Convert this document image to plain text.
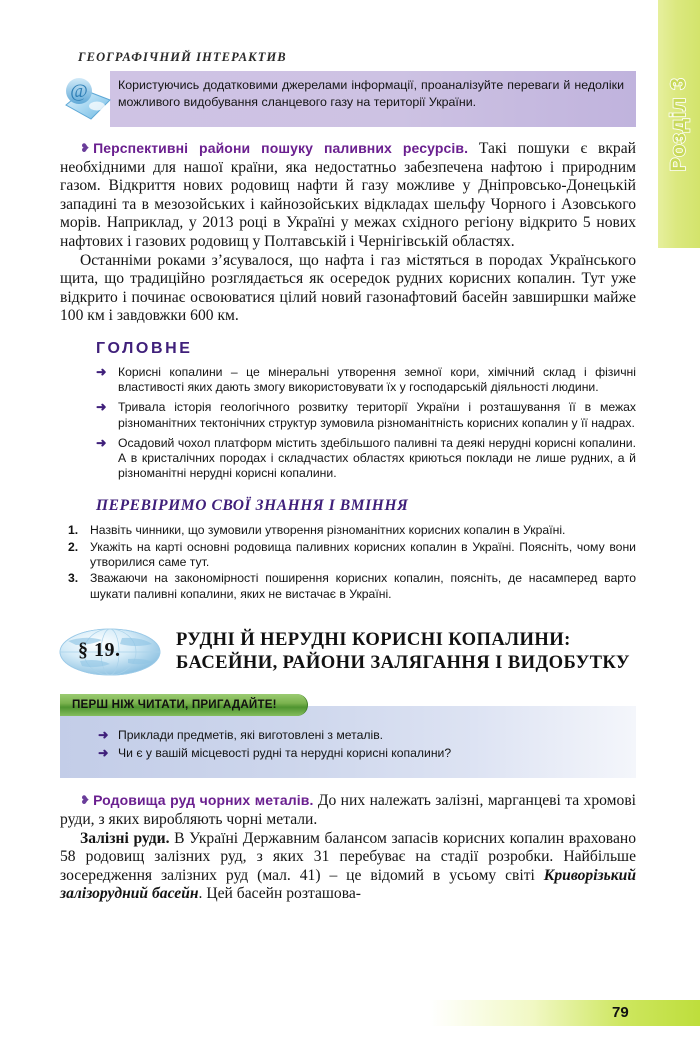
Розділ 3
ГЕОГРАФІЧНИЙ ІНТЕРАКТИВ
@	Користуючись додатковими джерелами інформації, проаналізуйте переваги й недоліки можливого видобування сланцевого газу на території України.

❥ Перспективні райони пошуку паливних ресурсів. Такі пошуки є вкрай необхідними для нашої країни, яка недостатньо забезпечена нафтою і природним газом. Відкриття нових родовищ нафти й газу можливе у Дніпровсько-Донецькій западині та в мезозойських і кайнозойських відкладах шельфу Чорного і Азовського морів. Наприклад, у 2013 році в Україні у межах східного регіону відкрито 5 нових нафтових і газових родовищ у Полтавській і Чернігівській областях.

Останніми роками з’ясувалося, що нафта і газ містяться в породах Українського щита, що традиційно розглядається як осередок рудних корисних копалин. Тут уже відкрито і починає освоюватися цілий новий газонафтовий басейн завширшки майже 100 км і завдовжки 600 км.

ГОЛОВНЕ
➜ Корисні копалини – це мінеральні утворення земної кори, хімічний склад і фізичні властивості яких дають змогу використовувати їх у господарській діяльності людини.
➜ Тривала історія геологічного розвитку території України і розташування її в межах різноманітних тектонічних структур зумовила різноманітність корисних копалин у її надрах.
➜ Осадовий чохол платформ містить здебільшого паливні та деякі нерудні корисні копалини. А в кристалічних породах і складчастих областях криються поклади не лише рудних, а й різноманітні нерудні корисні копалини.
ПЕРЕВІРИМО СВОЇ ЗНАННЯ І ВМІННЯ
1. Назвіть чинники, що зумовили утворення різноманітних корисних копалин в Україні.
2. Укажіть на карті основні родовища паливних корисних копалин в Україні. Поясніть, чому вони утворилися саме тут.
3. Зважаючи на закономірності поширення корисних копалин, поясніть, де насамперед варто шукати паливні копалини, яких не вистачає в Україні.
§ 19.	РУДНІ Й НЕРУДНІ КОРИСНІ КОПАЛИНИ:
БАСЕЙНИ, РАЙОНИ ЗАЛЯГАННЯ І ВИДОБУТКУ
ПЕРШ НІЖ ЧИТАТИ, ПРИГАДАЙТЕ!
➜ Приклади предметів, які виготовлені з металів.
➜ Чи є у вашій місцевості рудні та нерудні корисні копалини?

❥ Родовища руд чорних металів. До них належать залізні, марганцеві та хромові руди, з яких виробляють чорні метали.

Залізні руди. В Україні Державним балансом запасів корисних копалин враховано 58 родовищ залізних руд, з яких 31 перебуває на стадії розробки. Найбільше зосередження залізних руд (мал. 41) – це відомий в усьому світі Криворізький залізорудний басейн. Цей басейн розташова-

79
